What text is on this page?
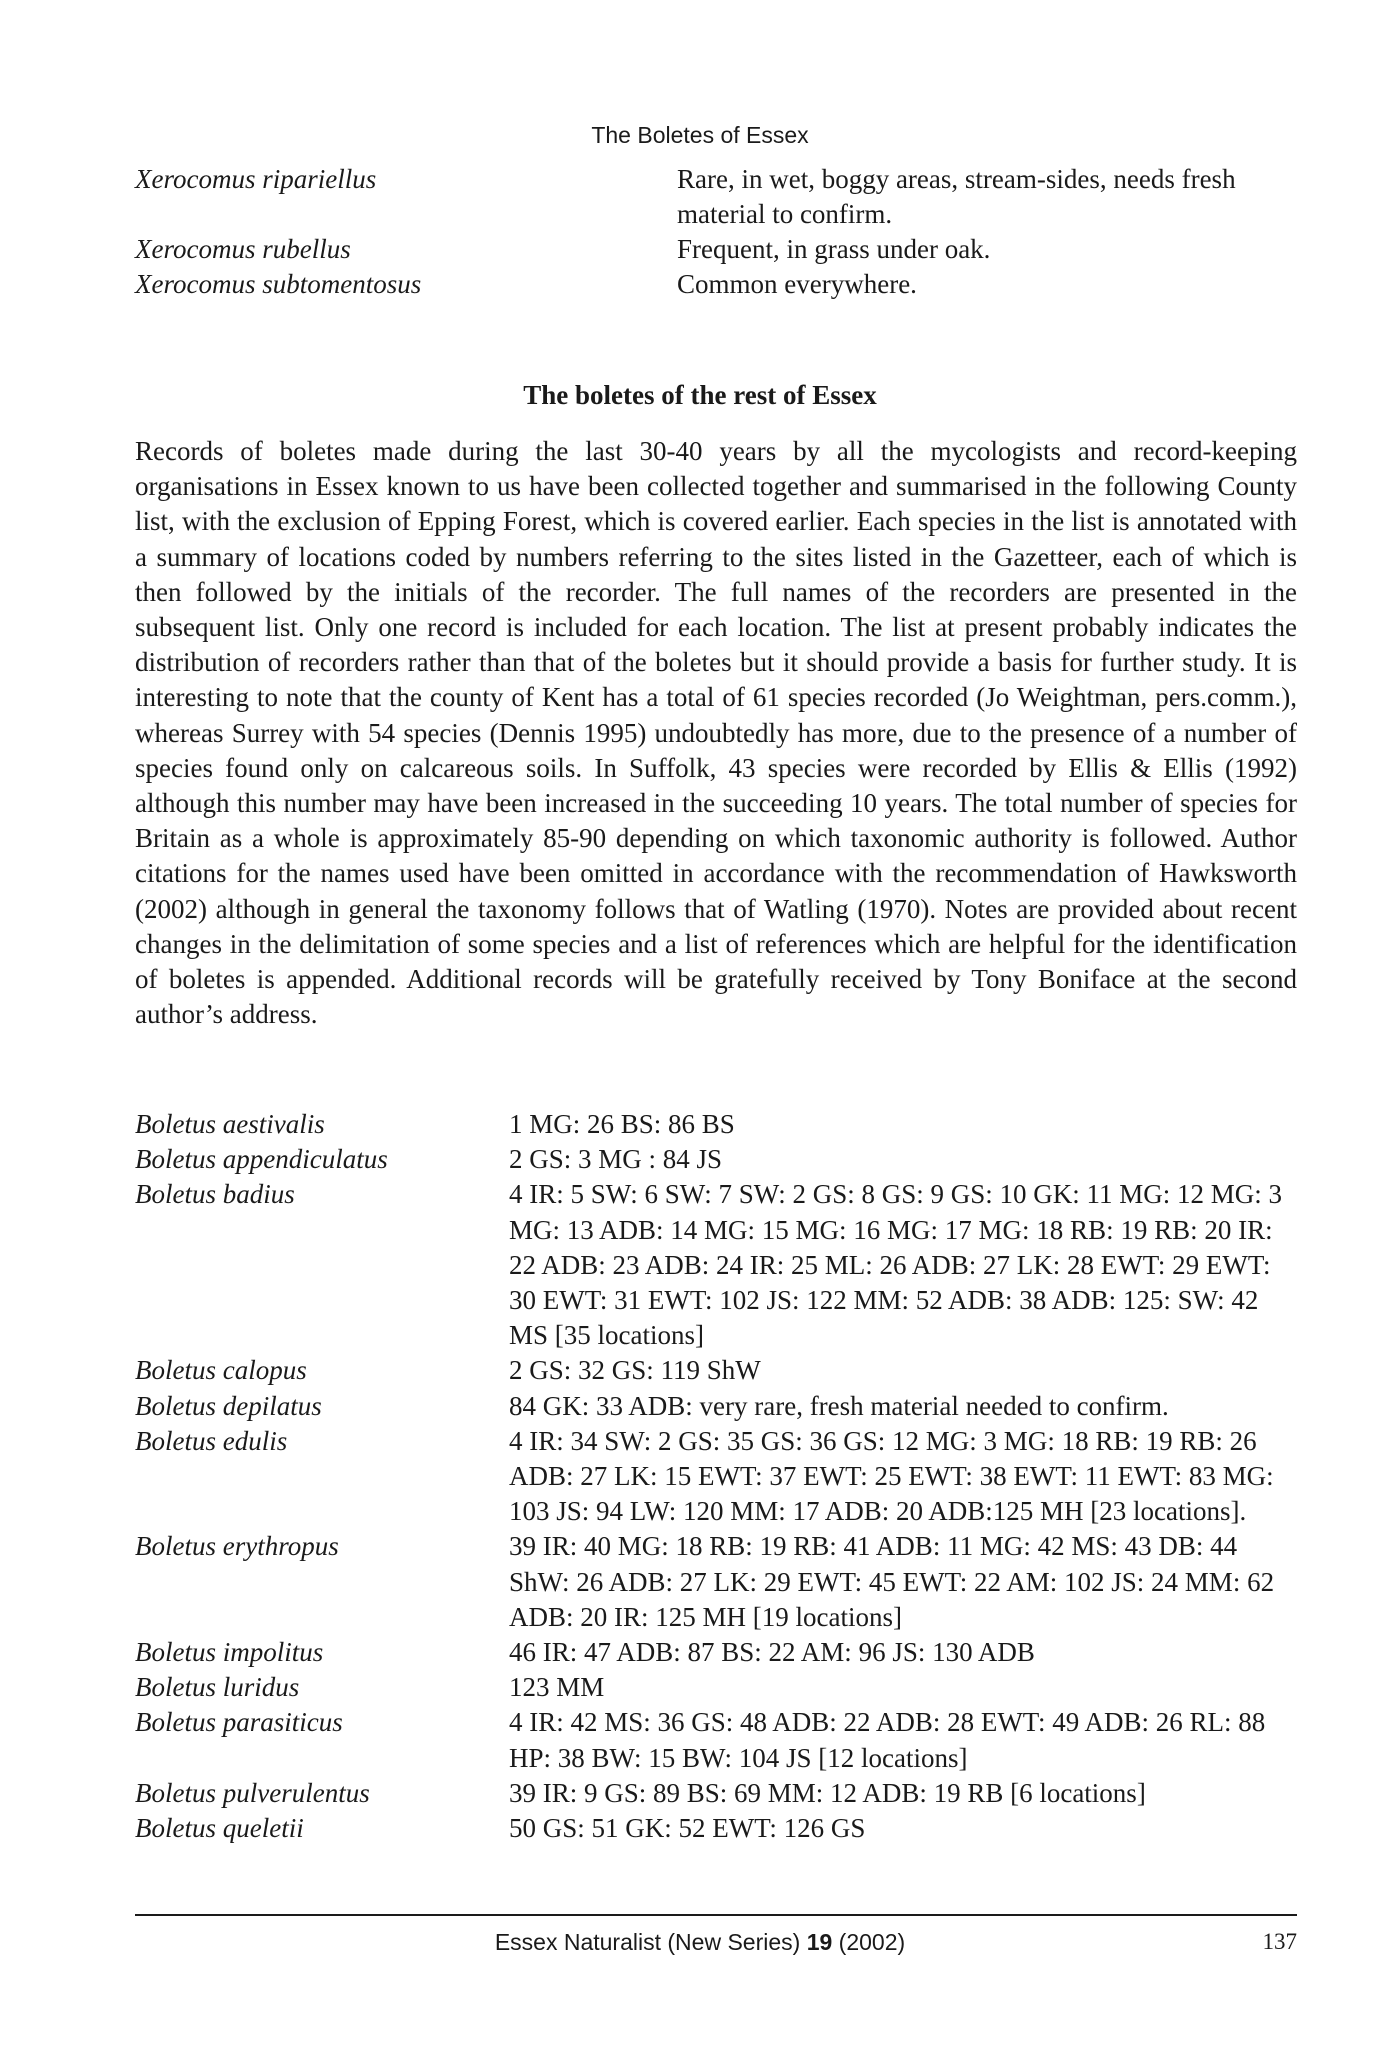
The Boletes of Essex
Xerocomus ripariellus	Rare, in wet, boggy areas, stream-sides, needs fresh material to confirm.
Xerocomus rubellus	Frequent, in grass under oak.
Xerocomus subtomentosus	Common everywhere.
The boletes of the rest of Essex

Records of boletes made during the last 30-40 years by all the mycologists and record-keeping organisations in Essex known to us have been collected together and summarised in the following County list, with the exclusion of Epping Forest, which is covered earlier. Each species in the list is annotated with a summary of locations coded by numbers referring to the sites listed in the Gazetteer, each of which is then followed by the initials of the recorder. The full names of the recorders are presented in the subsequent list. Only one record is included for each location. The list at present probably indicates the distribution of recorders rather than that of the boletes but it should provide a basis for further study. It is interesting to note that the county of Kent has a total of 61 species recorded (Jo Weightman, pers.comm.), whereas Surrey with 54 species (Dennis 1995) undoubtedly has more, due to the presence of a number of species found only on calcareous soils. In Suffolk, 43 species were recorded by Ellis & Ellis (1992) although this number may have been increased in the succeeding 10 years. The total number of species for Britain as a whole is approximately 85-90 depending on which taxonomic authority is followed. Author citations for the names used have been omitted in accordance with the recommendation of Hawksworth (2002) although in general the taxonomy follows that of Watling (1970). Notes are provided about recent changes in the delimitation of some species and a list of references which are helpful for the identification of boletes is appended. Additional records will be gratefully received by Tony Boniface at the second author’s address.

Boletus aestivalis	1 MG: 26 BS: 86 BS
Boletus appendiculatus	2 GS: 3 MG : 84 JS
Boletus badius	4 IR: 5 SW: 6 SW: 7 SW: 2 GS: 8 GS: 9 GS: 10 GK: 11 MG: 12 MG: 3 MG: 13 ADB: 14 MG: 15 MG: 16 MG: 17 MG: 18 RB: 19 RB: 20 IR: 22 ADB: 23 ADB: 24 IR: 25 ML: 26 ADB: 27 LK: 28 EWT: 29 EWT: 30 EWT: 31 EWT: 102 JS: 122 MM: 52 ADB: 38 ADB: 125: SW: 42 MS [35 locations]
Boletus calopus	2 GS: 32 GS: 119 ShW
Boletus depilatus	84 GK: 33 ADB: very rare, fresh material needed to confirm.
Boletus edulis	4 IR: 34 SW: 2 GS: 35 GS: 36 GS: 12 MG: 3 MG: 18 RB: 19 RB: 26 ADB: 27 LK: 15 EWT: 37 EWT: 25 EWT: 38 EWT: 11 EWT: 83 MG: 103 JS: 94 LW: 120 MM: 17 ADB: 20 ADB:125 MH [23 locations].
Boletus erythropus	39 IR: 40 MG: 18 RB: 19 RB: 41 ADB: 11 MG: 42 MS: 43 DB: 44 ShW: 26 ADB: 27 LK: 29 EWT: 45 EWT: 22 AM: 102 JS: 24 MM: 62 ADB: 20 IR: 125 MH [19 locations]
Boletus impolitus	46 IR: 47 ADB: 87 BS: 22 AM: 96 JS: 130 ADB
Boletus luridus	123 MM
Boletus parasiticus	4 IR: 42 MS: 36 GS: 48 ADB: 22 ADB: 28 EWT: 49 ADB: 26 RL: 88 HP: 38 BW: 15 BW: 104 JS [12 locations]
Boletus pulverulentus	39 IR: 9 GS: 89 BS: 69 MM: 12 ADB: 19 RB [6 locations]
Boletus queletii	50 GS: 51 GK: 52 EWT: 126 GS
Essex Naturalist (New Series) 19 (2002)	137
